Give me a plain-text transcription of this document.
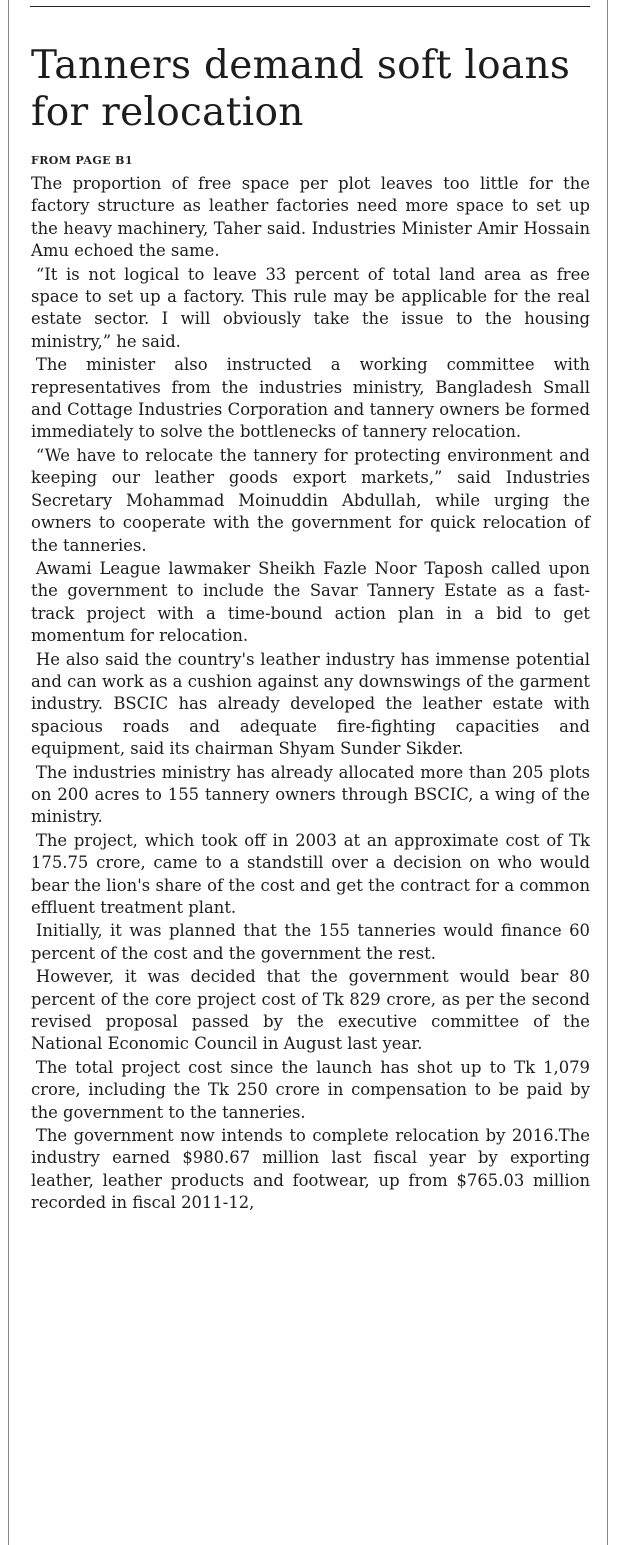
Tanners demand soft loans for relocation
FROM PAGE B1

The proportion of free space per plot leaves too little for the factory structure as leather factories need more space to set up the heavy machinery, Taher said. Industries Minister Amir Hossain Amu echoed the same.

“It is not logical to leave 33 percent of total land area as free space to set up a factory. This rule may be applicable for the real estate sector. I will obviously take the issue to the housing ministry,” he said.

The minister also instructed a working committee with representatives from the industries ministry, Bangladesh Small and Cottage Industries Corporation and tannery owners be formed immediately to solve the bottlenecks of tannery relocation.

“We have to relocate the tannery for protecting environment and keeping our leather goods export markets,” said Industries Secretary Mohammad Moinuddin Abdullah, while urging the owners to cooperate with the government for quick relocation of the tanneries.

Awami League lawmaker Sheikh Fazle Noor Taposh called upon the government to include the Savar Tannery Estate as a fast-track project with a time-bound action plan in a bid to get momentum for relocation.

He also said the country's leather industry has immense potential and can work as a cushion against any downswings of the garment industry. BSCIC has already developed the leather estate with spacious roads and adequate fire-fighting capacities and equipment, said its chairman Shyam Sunder Sikder.

The industries ministry has already allocated more than 205 plots on 200 acres to 155 tannery owners through BSCIC, a wing of the ministry.

The project, which took off in 2003 at an approximate cost of Tk 175.75 crore, came to a standstill over a decision on who would bear the lion's share of the cost and get the contract for a common effluent treatment plant.

Initially, it was planned that the 155 tanneries would finance 60 percent of the cost and the government the rest.

However, it was decided that the government would bear 80 percent of the core project cost of Tk 829 crore, as per the second revised proposal passed by the executive committee of the National Economic Council in August last year.

The total project cost since the launch has shot up to Tk 1,079 crore, including the Tk 250 crore in compensation to be paid by the government to the tanneries.

The government now intends to complete relocation by 2016.The industry earned $980.67 million last fiscal year by exporting leather, leather products and footwear, up from $765.03 million recorded in fiscal 2011-12,
